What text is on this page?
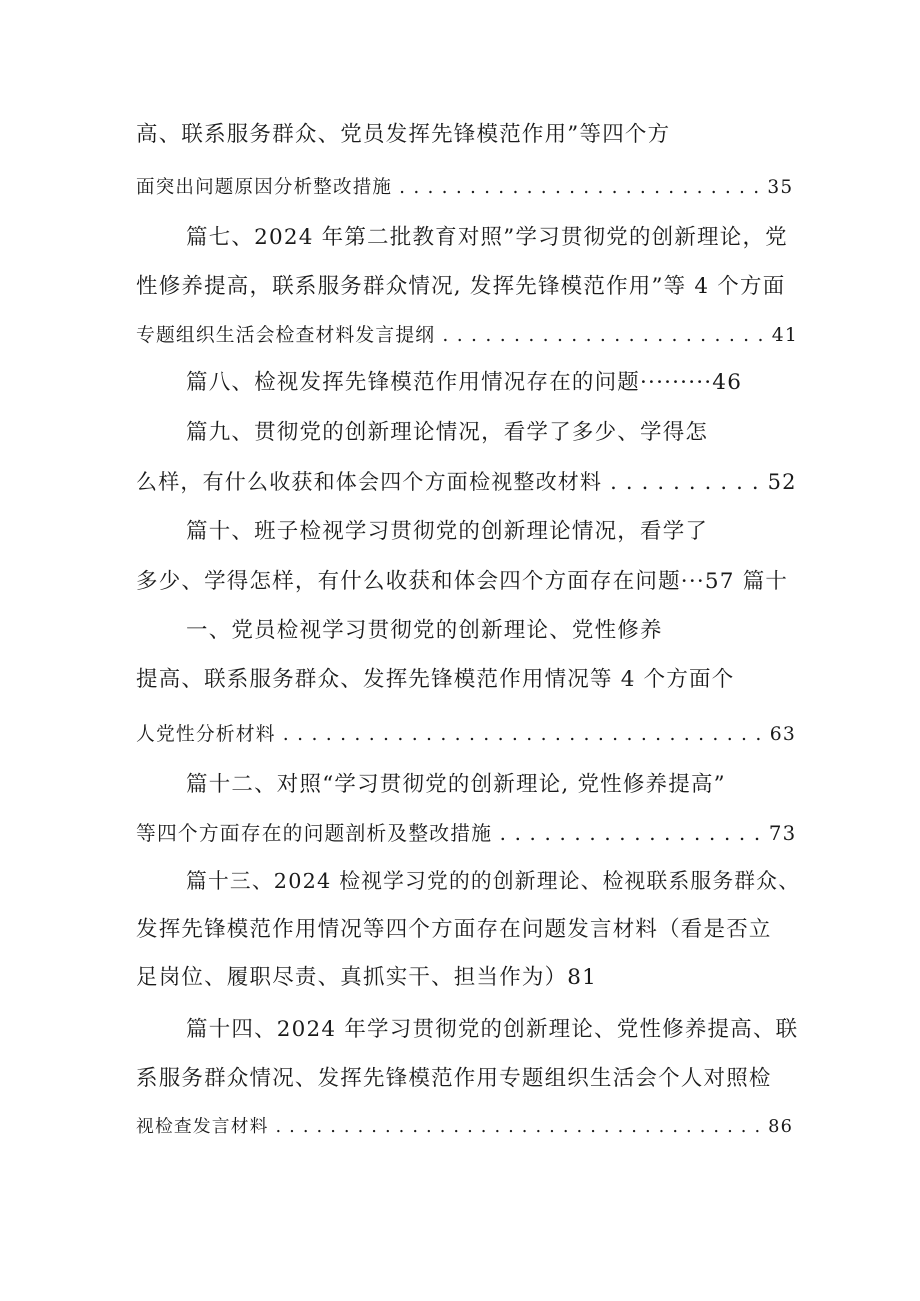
高、联系服务群众、党员发挥先锋模范作用”等四个方
面突出问题原因分析整改措施 . . . . . . . . . . . . . . . . . . . . . . . . . . 35
篇七、2024 年第二批教育对照”学习贯彻党的创新理论，党
性修养提高，联系服务群众情况, 发挥先锋模范作用”等 4 个方面
专题组织生活会检查材料发言提纲 . . . . . . . . . . . . . . . . . . . . . . . 41
篇八、检视发挥先锋模范作用情况存在的问题·········46
篇九、贯彻党的创新理论情况，看学了多少、学得怎
么样，有什么收获和体会四个方面检视整改材料 . . . . . . . . . . 52
篇十、班子检视学习贯彻党的创新理论情况，看学了
多少、学得怎样，有什么收获和体会四个方面存在问题···57 篇十
一、党员检视学习贯彻党的创新理论、党性修养
提高、联系服务群众、发挥先锋模范作用情况等 4 个方面个
人党性分析材料 . . . . . . . . . . . . . . . . . . . . . . . . . . . . . . . . . . 63
篇十二、对照“学习贯彻党的创新理论, 党性修养提高”
等四个方面存在的问题剖析及整改措施 . . . . . . . . . . . . . . . . . . 73
篇十三、2024 检视学习党的的创新理论、检视联系服务群众、
发挥先锋模范作用情况等四个方面存在问题发言材料（看是否立
足岗位、履职尽责、真抓实干、担当作为）81
篇十四、2024 年学习贯彻党的创新理论、党性修养提高、联
系服务群众情况、发挥先锋模范作用专题组织生活会个人对照检
视检查发言材料 . . . . . . . . . . . . . . . . . . . . . . . . . . . . . . . . . . . . 86
